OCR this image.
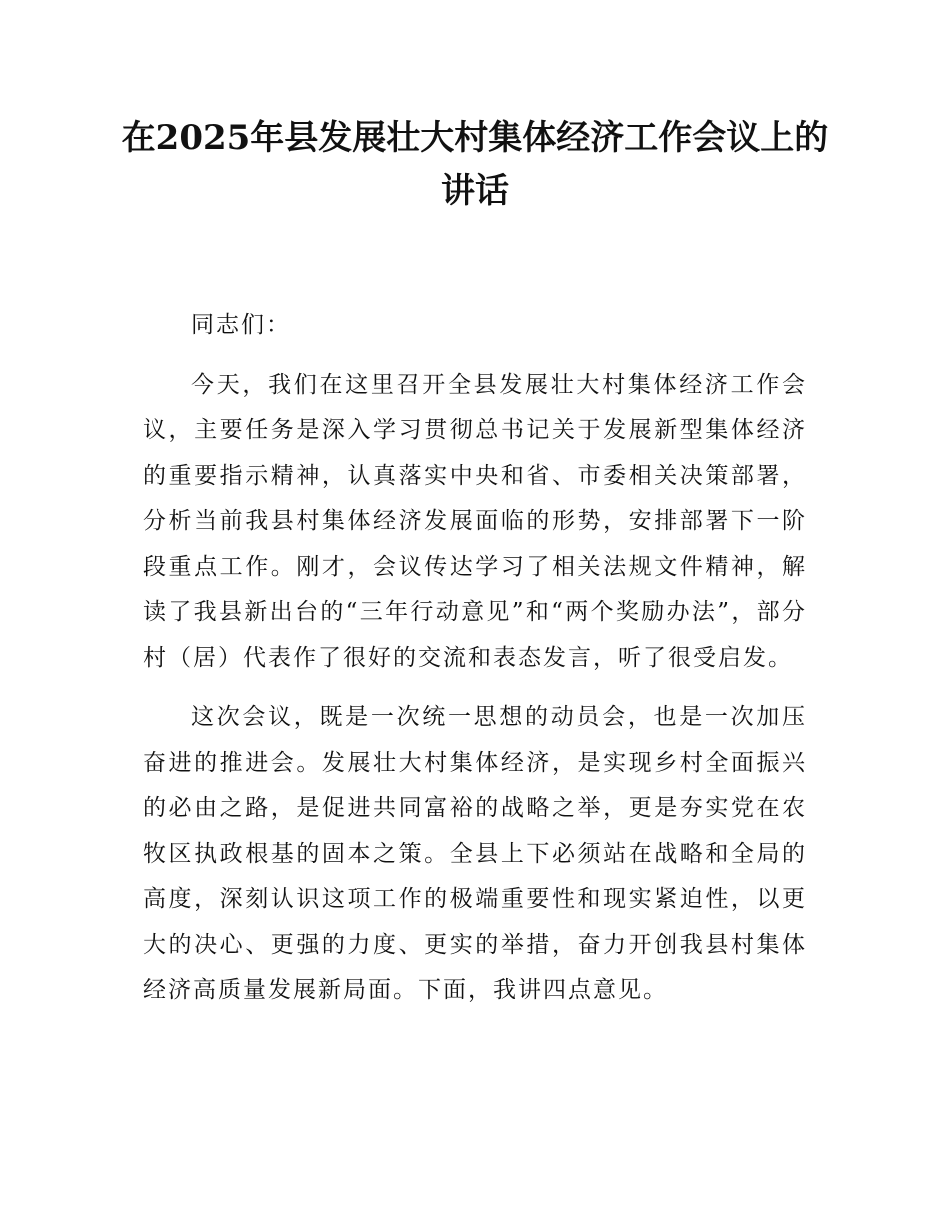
在2025年县发展壮大村集体经济工作会议上的讲话

同志们：

今天，我们在这里召开全县发展壮大村集体经济工作会议，主要任务是深入学习贯彻总书记关于发展新型集体经济的重要指示精神，认真落实中央和省、市委相关决策部署，分析当前我县村集体经济发展面临的形势，安排部署下一阶段重点工作。刚才，会议传达学习了相关法规文件精神，解读了我县新出台的“三年行动意见”和“两个奖励办法”，部分村（居）代表作了很好的交流和表态发言，听了很受启发。

这次会议，既是一次统一思想的动员会，也是一次加压奋进的推进会。发展壮大村集体经济，是实现乡村全面振兴的必由之路，是促进共同富裕的战略之举，更是夯实党在农牧区执政根基的固本之策。全县上下必须站在战略和全局的高度，深刻认识这项工作的极端重要性和现实紧迫性，以更大的决心、更强的力度、更实的举措，奋力开创我县村集体经济高质量发展新局面。下面，我讲四点意见。
